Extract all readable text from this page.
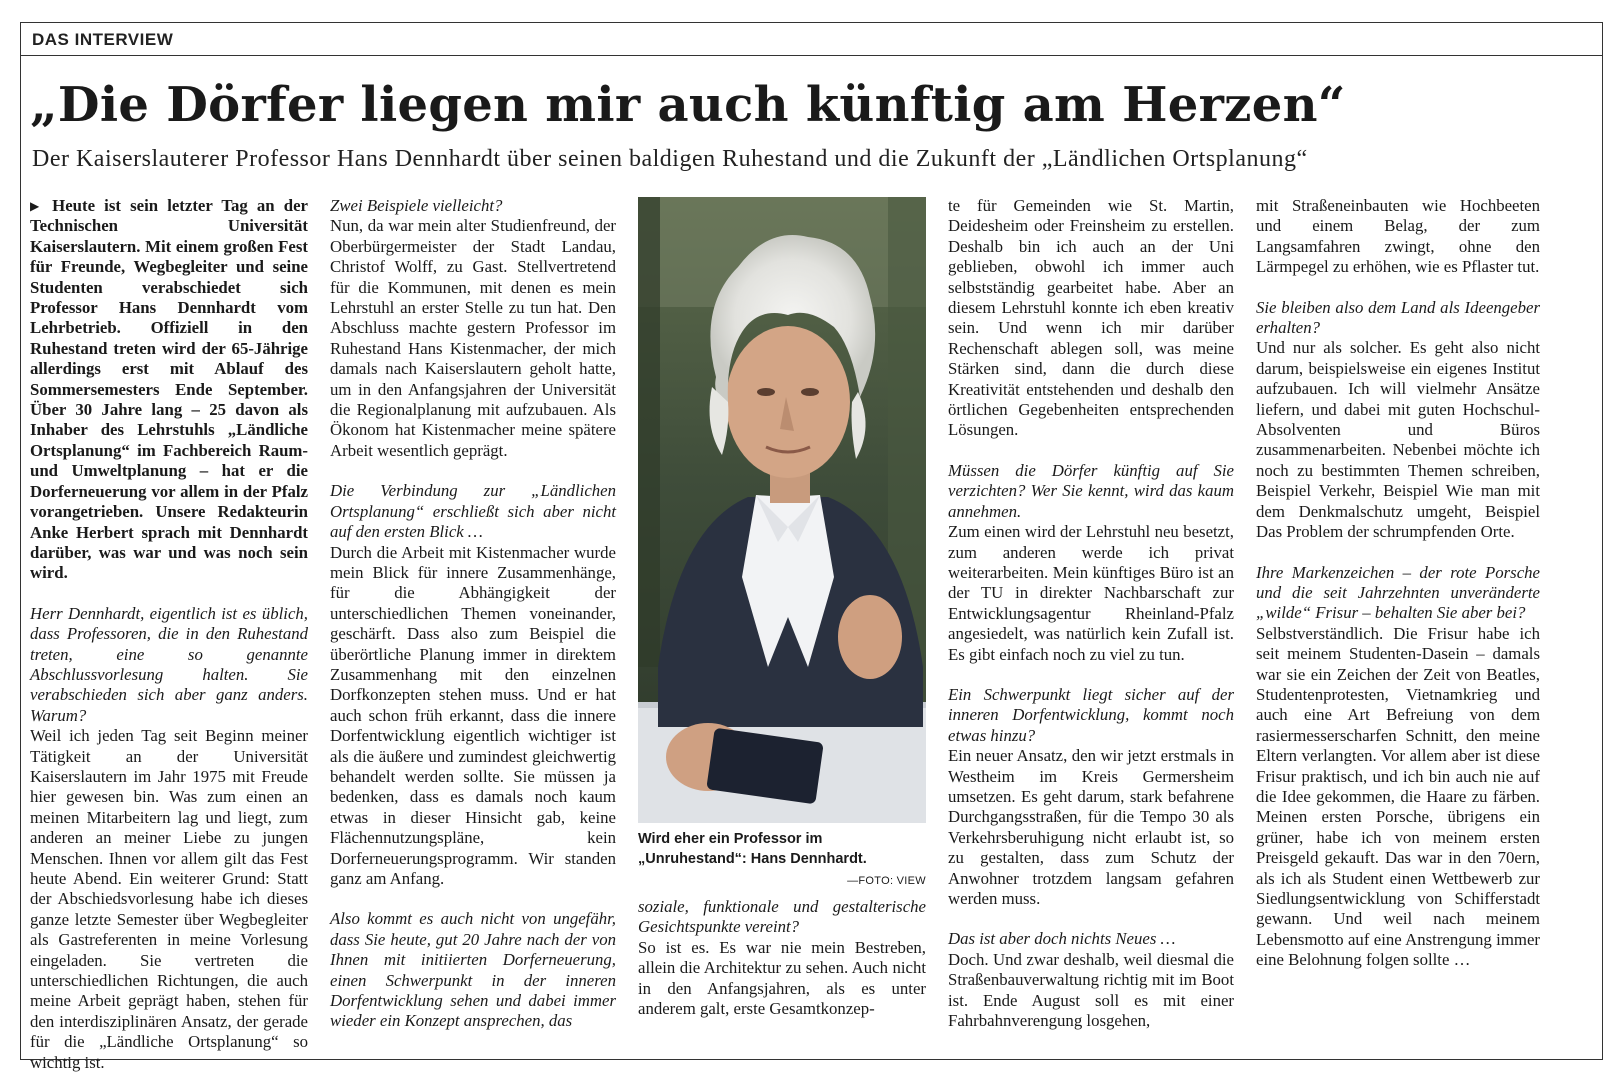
DAS INTERVIEW
„Die Dörfer liegen mir auch künftig am Herzen“
Der Kaiserslauterer Professor Hans Dennhardt über seinen baldigen Ruhestand und die Zukunft der „Ländlichen Ortsplanung“

▶ Heute ist sein letzter Tag an der Technischen Universität Kaiserslautern. Mit einem großen Fest für Freunde, Wegbegleiter und seine Studenten verabschiedet sich Professor Hans Dennhardt vom Lehrbetrieb. Offiziell in den Ruhestand treten wird der 65-Jährige allerdings erst mit Ablauf des Sommersemesters Ende September. Über 30 Jahre lang – 25 davon als Inhaber des Lehrstuhls „Ländliche Ortsplanung“ im Fachbereich Raum- und Umweltplanung – hat er die Dorferneuerung vor allem in der Pfalz vorangetrieben. Unsere Redakteurin Anke Herbert sprach mit Dennhardt darüber, was war und was noch sein wird.

Herr Dennhardt, eigentlich ist es üblich, dass Professoren, die in den Ruhestand treten, eine so genannte Abschlussvorlesung halten. Sie verabschieden sich aber ganz anders. Warum?
Weil ich jeden Tag seit Beginn meiner Tätigkeit an der Universität Kaiserslautern im Jahr 1975 mit Freude hier gewesen bin. Was zum einen an meinen Mitarbeitern lag und liegt, zum anderen an meiner Liebe zu jungen Menschen. Ihnen vor allem gilt das Fest heute Abend. Ein weiterer Grund: Statt der Abschiedsvorlesung habe ich dieses ganze letzte Semester über Wegbegleiter als Gastreferenten in meine Vorlesung eingeladen. Sie vertreten die unterschiedlichen Richtungen, die auch meine Arbeit geprägt haben, stehen für den interdisziplinären Ansatz, der gerade für die „Ländliche Ortsplanung“ so wichtig ist.

Zwei Beispiele vielleicht?
Nun, da war mein alter Studienfreund, der Oberbürgermeister der Stadt Landau, Christof Wolff, zu Gast. Stellvertretend für die Kommunen, mit denen es mein Lehrstuhl an erster Stelle zu tun hat. Den Abschluss machte gestern Professor im Ruhestand Hans Kistenmacher, der mich damals nach Kaiserslautern geholt hatte, um in den Anfangsjahren der Universität die Regionalplanung mit aufzubauen. Als Ökonom hat Kistenmacher meine spätere Arbeit wesentlich geprägt.

Die Verbindung zur „Ländlichen Ortsplanung“ erschließt sich aber nicht auf den ersten Blick …
Durch die Arbeit mit Kistenmacher wurde mein Blick für innere Zusammenhänge, für die Abhängigkeit der unterschiedlichen Themen voneinander, geschärft. Dass also zum Beispiel die überörtliche Planung immer in direktem Zusammenhang mit den einzelnen Dorfkonzepten stehen muss. Und er hat auch schon früh erkannt, dass die innere Dorfentwicklung eigentlich wichtiger ist als die äußere und zumindest gleichwertig behandelt werden sollte. Sie müssen ja bedenken, dass es damals noch kaum etwas in dieser Hinsicht gab, keine Flächennutzungspläne, kein Dorferneuerungsprogramm. Wir standen ganz am Anfang.

Also kommt es auch nicht von ungefähr, dass Sie heute, gut 20 Jahre nach der von Ihnen mit initiierten Dorferneuerung, einen Schwerpunkt in der inneren Dorfentwicklung sehen und dabei immer wieder ein Konzept ansprechen, das

Wird eher ein Professor im „Unruhestand“: Hans Dennhardt.
—FOTO: VIEW

soziale, funktionale und gestalterische Gesichtspunkte vereint?
So ist es. Es war nie mein Bestreben, allein die Architektur zu sehen. Auch nicht in den Anfangsjahren, als es unter anderem galt, erste Gesamtkonzep-

te für Gemeinden wie St. Martin, Deidesheim oder Freinsheim zu erstellen. Deshalb bin ich auch an der Uni geblieben, obwohl ich immer auch selbstständig gearbeitet habe. Aber an diesem Lehrstuhl konnte ich eben kreativ sein. Und wenn ich mir darüber Rechenschaft ablegen soll, was meine Stärken sind, dann die durch diese Kreativität entstehenden und deshalb den örtlichen Gegebenheiten entsprechenden Lösungen.

Müssen die Dörfer künftig auf Sie verzichten? Wer Sie kennt, wird das kaum annehmen.
Zum einen wird der Lehrstuhl neu besetzt, zum anderen werde ich privat weiterarbeiten. Mein künftiges Büro ist an der TU in direkter Nachbarschaft zur Entwicklungsagentur Rheinland-Pfalz angesiedelt, was natürlich kein Zufall ist. Es gibt einfach noch zu viel zu tun.

Ein Schwerpunkt liegt sicher auf der inneren Dorfentwicklung, kommt noch etwas hinzu?
Ein neuer Ansatz, den wir jetzt erstmals in Westheim im Kreis Germersheim umsetzen. Es geht darum, stark befahrene Durchgangsstraßen, für die Tempo 30 als Verkehrsberuhigung nicht erlaubt ist, so zu gestalten, dass zum Schutz der Anwohner trotzdem langsam gefahren werden muss.

Das ist aber doch nichts Neues …
Doch. Und zwar deshalb, weil diesmal die Straßenbauverwaltung richtig mit im Boot ist. Ende August soll es mit einer Fahrbahnverengung losgehen,

mit Straßeneinbauten wie Hochbeeten und einem Belag, der zum Langsamfahren zwingt, ohne den Lärmpegel zu erhöhen, wie es Pflaster tut.

Sie bleiben also dem Land als Ideengeber erhalten?
Und nur als solcher. Es geht also nicht darum, beispielsweise ein eigenes Institut aufzubauen. Ich will vielmehr Ansätze liefern, und dabei mit guten Hochschul-Absolventen und Büros zusammenarbeiten. Nebenbei möchte ich noch zu bestimmten Themen schreiben, Beispiel Verkehr, Beispiel Wie man mit dem Denkmalschutz umgeht, Beispiel Das Problem der schrumpfenden Orte.

Ihre Markenzeichen – der rote Porsche und die seit Jahrzehnten unveränderte „wilde“ Frisur – behalten Sie aber bei?
Selbstverständlich. Die Frisur habe ich seit meinem Studenten-Dasein – damals war sie ein Zeichen der Zeit von Beatles, Studentenprotesten, Vietnamkrieg und auch eine Art Befreiung von dem rasiermesserscharfen Schnitt, den meine Eltern verlangten. Vor allem aber ist diese Frisur praktisch, und ich bin auch nie auf die Idee gekommen, die Haare zu färben. Meinen ersten Porsche, übrigens ein grüner, habe ich von meinem ersten Preisgeld gekauft. Das war in den 70ern, als ich als Student einen Wettbewerb zur Siedlungsentwicklung von Schifferstadt gewann. Und weil nach meinem Lebensmotto auf eine Anstrengung immer eine Belohnung folgen sollte …
